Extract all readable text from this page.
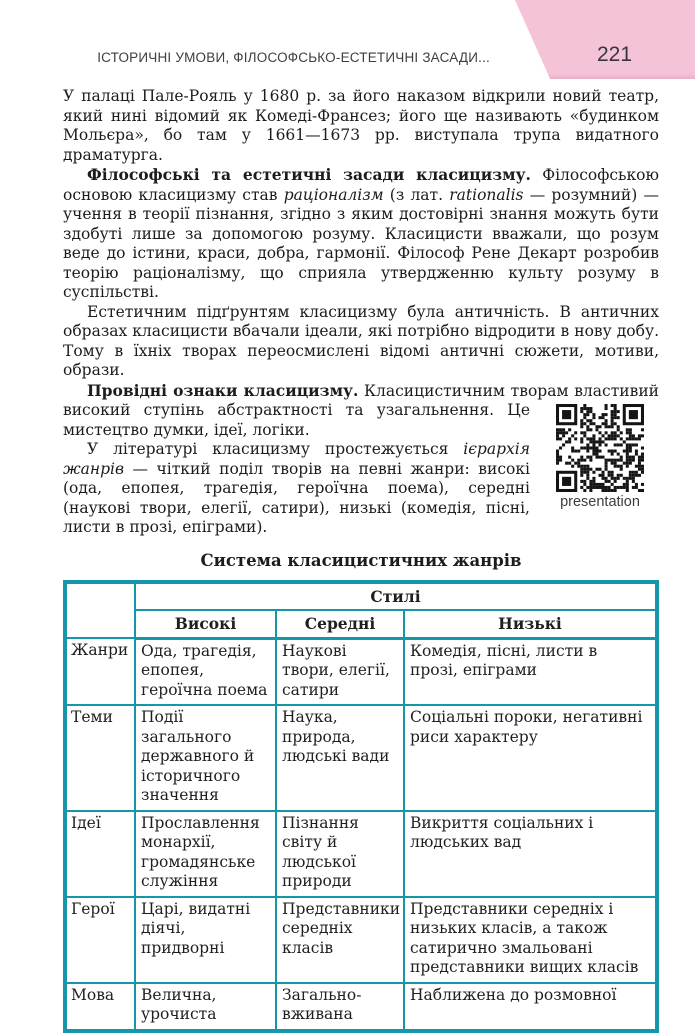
ІСТОРИЧНІ УМОВИ, ФІЛОСОФСЬКО-ЕСТЕТИЧНІ ЗАСАДИ...	221

У палаці Пале-Рояль у 1680 р. за його наказом відкрили новий театр, який нині відомий як Комеді-Франсез; його ще називають «будинком Мольєра», бо там у 1661—1673 рр. виступала трупа видатного драматурга.

Філософські та естетичні засади класицизму. Філософською основою класицизму став раціоналізм (з лат. rationalis — розумний) — учення в теорії пізнання, згідно з яким достовірні знання можуть бути здобуті лише за допомогою розуму. Класицисти вважали, що розум веде до істини, краси, добра, гармонії. Філософ Рене Декарт розробив теорію раціоналізму, що сприяла утвердженню культу розуму в суспільстві.

Естетичним підґрунтям класицизму була античність. В античних образах класицисти вбачали ідеали, які потрібно відродити в нову добу. Тому в їхніх творах переосмислені відомі античні сюжети, мотиви, образи.

Провідні ознаки класицизму. Класицистичним творам властивий
presentation
високий ступінь абстрактності та узагальнення. Це мистецтво думки, ідеї, логіки.

У літературі класицизму простежується ієрархія жанрів — чіткий поділ творів на певні жанри: високі (ода, епопея, трагедія, героїчна поема), середні (наукові твори, елегії, сатири), низькі (комедія, пісні, листи в прозі, епіграми).

Система класицистичних жанрів
	Стилі		
	Високі	Середні	Низькі
Жанри	Ода, трагедія, епопея, героїчна поема	Наукові твори, елегії, сатири	Комедія, пісні, листи в прозі, епіграми
Теми	Події загального державного й історичного значення	Наука, природа, людські вади	Соціальні пороки, негативні риси характеру
Ідеї	Прославлення монархії, громадянське служіння	Пізнання світу й людської природи	Викриття соціальних і людських вад
Герої	Царі, видатні діячі, придворні	Представники середніх класів	Представники середніх і низьких класів, а також сатирично змальовані представники вищих класів
Мова	Велична, урочиста	Загальновживана	Наближена до розмовної
